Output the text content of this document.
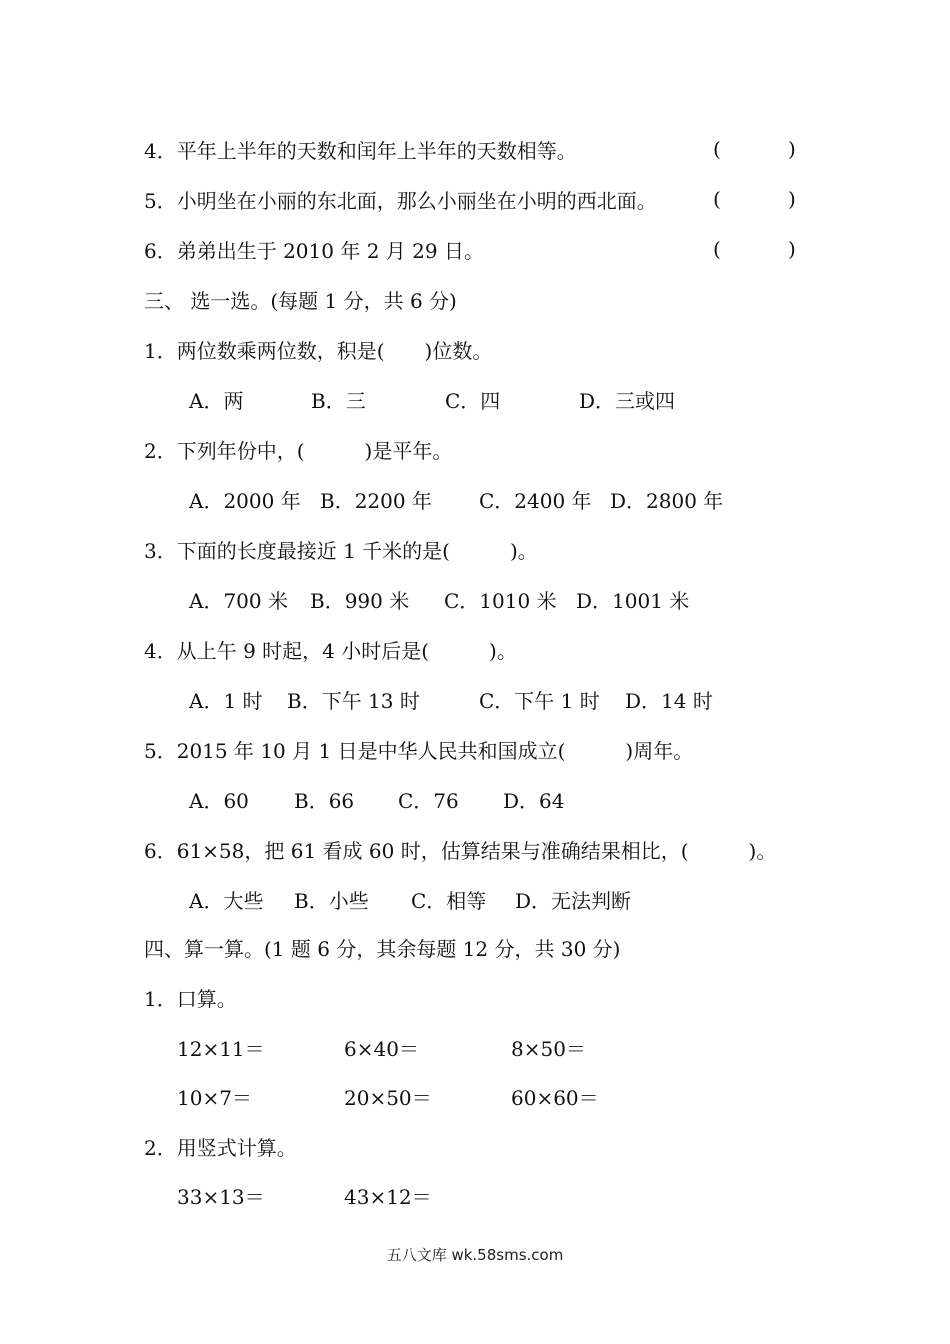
4．平年上半年的天数和闰年上半年的天数相等。	(	)
5．小明坐在小丽的东北面，那么小丽坐在小明的西北面。	(	)
6．弟弟出生于 2010 年 2 月 29 日。	(	)
三、 选一选。(每题 1 分，共 6 分)
1．两位数乘两位数，积是(　　)位数。
A．两	B．三	C．四	D．三或四
2．下列年份中，(　　　)是平年。
A．2000 年 B．2200 年 C．2400 年 D．2800 年
3．下面的长度最接近 1 千米的是(　　　)。
A．700 米 B．990 米 C．1010 米 D．1001 米
4．从上午 9 时起，4 小时后是(　　　)。
A．1 时 B．下午 13 时	C．下午 1 时 D．14 时
5．2015 年 10 月 1 日是中华人民共和国成立(　　　)周年。
A．60 B．66 C．76 D．64
6．61×58，把 61 看成 60 时，估算结果与准确结果相比，(　　　)。
A．大些 B．小些 C．相等 D．无法判断
四、算一算。(1 题 6 分，其余每题 12 分，共 30 分)
1．口算。
12×11＝	6×40＝	8×50＝
10×7＝	20×50＝	60×60＝
2．用竖式计算。
33×13＝	43×12＝
五八文库 wk.58sms.com
